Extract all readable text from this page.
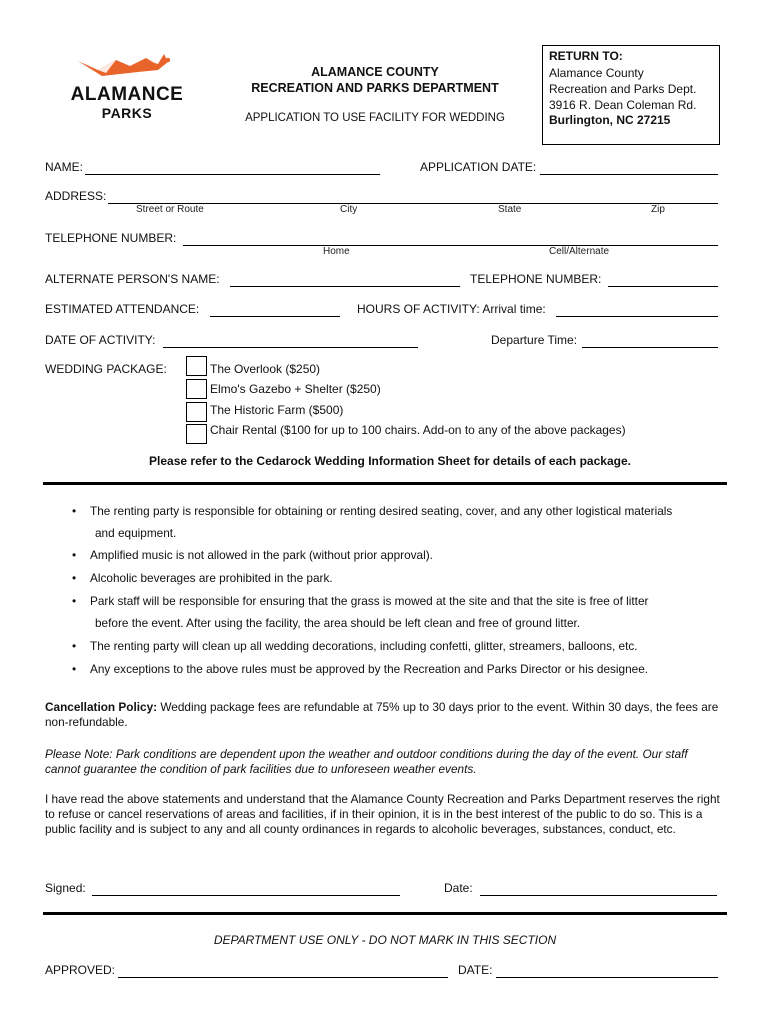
ALAMANCE
PARKS
ALAMANCE COUNTY
RECREATION AND PARKS DEPARTMENT
APPLICATION TO USE FACILITY FOR WEDDING
RETURN TO:
Alamance County
Recreation and Parks Dept.
3916 R. Dean Coleman Rd.
Burlington, NC 27215
NAME:	APPLICATION DATE:
ADDRESS:
Street or Route	City	State	Zip
TELEPHONE NUMBER:
Home	Cell/Alternate
ALTERNATE PERSON'S NAME:	TELEPHONE NUMBER:
ESTIMATED ATTENDANCE:	HOURS OF ACTIVITY: Arrival time:
DATE OF ACTIVITY:	Departure Time:
WEDDING PACKAGE:	The Overlook ($250)
Elmo's Gazebo + Shelter ($250)
The Historic Farm ($500)
Chair Rental ($100 for up to 100 chairs. Add-on to any of the above packages)
Please refer to the Cedarock Wedding Information Sheet for details of each package.
• The renting party is responsible for obtaining or renting desired seating, cover, and any other logistical materials
and equipment.
• Amplified music is not allowed in the park (without prior approval).
• Alcoholic beverages are prohibited in the park.
• Park staff will be responsible for ensuring that the grass is mowed at the site and that the site is free of litter
before the event. After using the facility, the area should be left clean and free of ground litter.
• The renting party will clean up all wedding decorations, including confetti, glitter, streamers, balloons, etc.
• Any exceptions to the above rules must be approved by the Recreation and Parks Director or his designee.
Cancellation Policy: Wedding package fees are refundable at 75% up to 30 days prior to the event. Within 30 days, the fees are non-refundable.
Please Note: Park conditions are dependent upon the weather and outdoor conditions during the day of the event. Our staff cannot guarantee the condition of park facilities due to unforeseen weather events.
I have read the above statements and understand that the Alamance County Recreation and Parks Department reserves the right to refuse or cancel reservations of areas and facilities, if in their opinion, it is in the best interest of the public to do so. This is a public facility and is subject to any and all county ordinances in regards to alcoholic beverages, substances, conduct, etc.
Signed:	Date:
DEPARTMENT USE ONLY - DO NOT MARK IN THIS SECTION
APPROVED:	DATE:
